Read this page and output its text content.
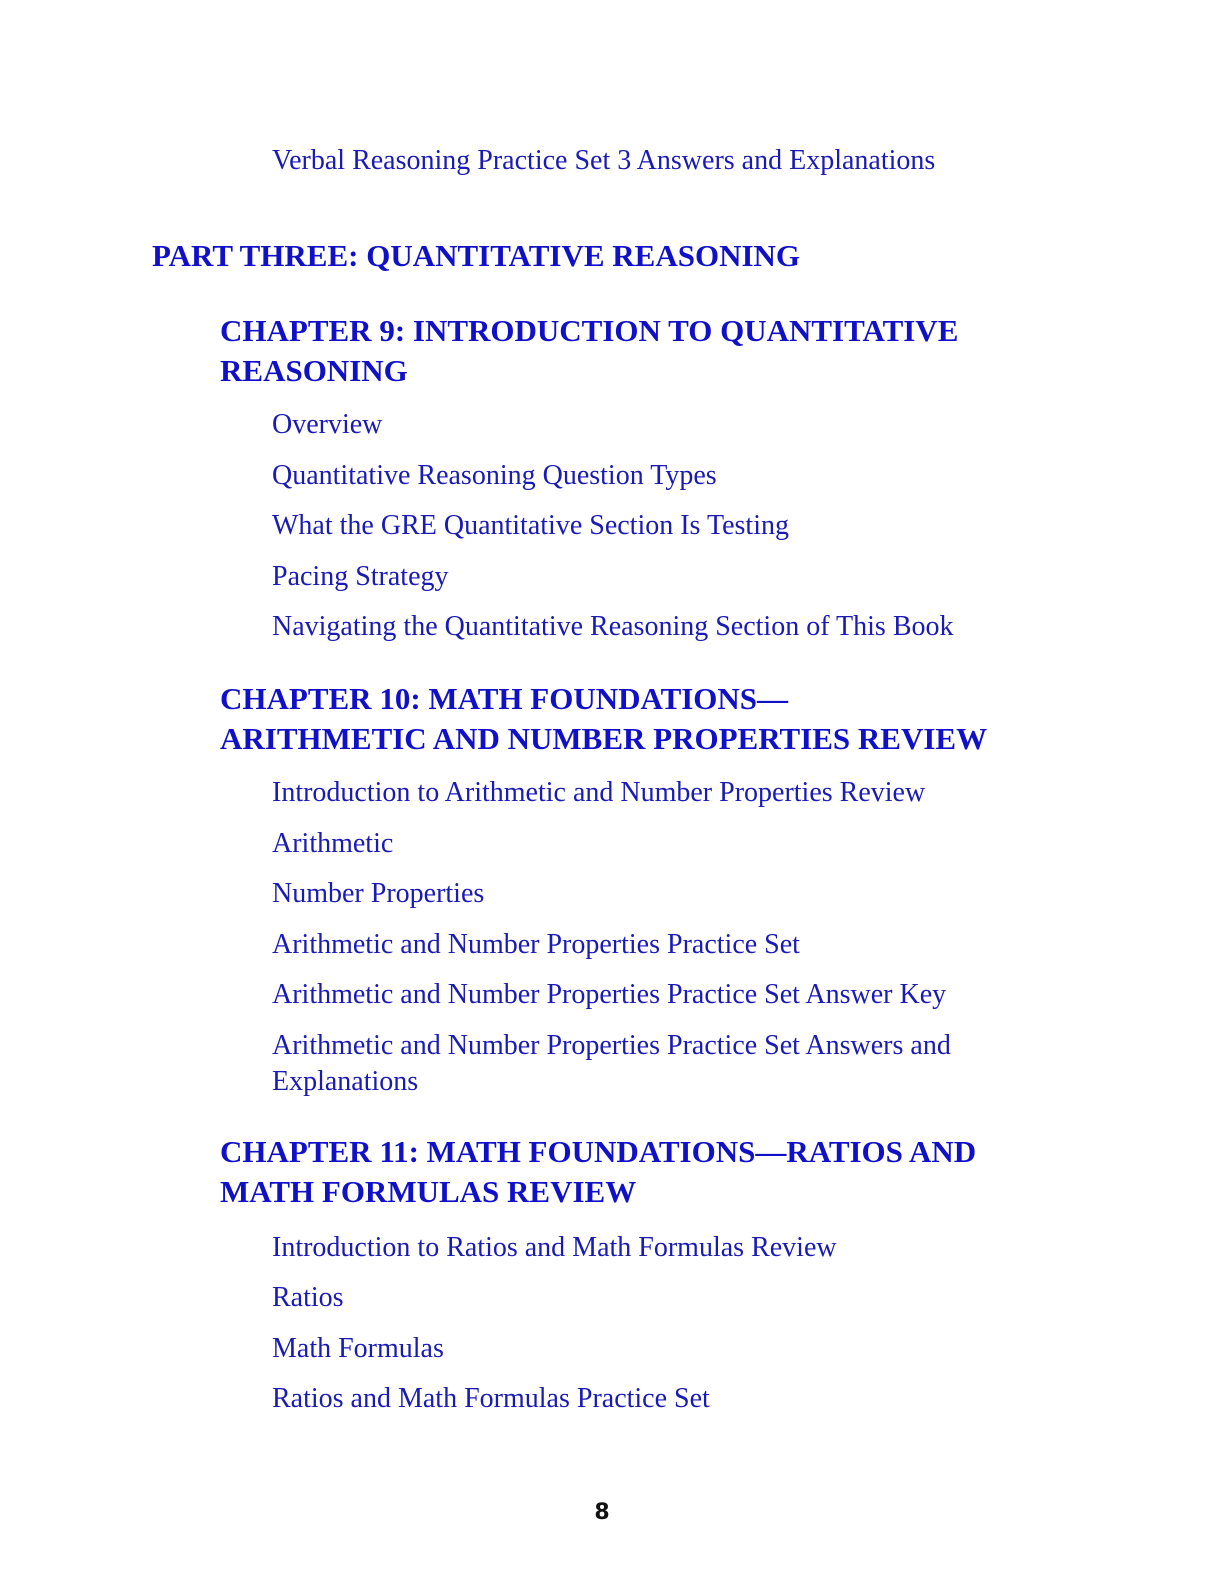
Verbal Reasoning Practice Set 3 Answers and Explanations
PART THREE: QUANTITATIVE REASONING
CHAPTER 9: INTRODUCTION TO QUANTITATIVE
REASONING
Overview
Quantitative Reasoning Question Types
What the GRE Quantitative Section Is Testing
Pacing Strategy
Navigating the Quantitative Reasoning Section of This Book
CHAPTER 10: MATH FOUNDATIONS—
ARITHMETIC AND NUMBER PROPERTIES REVIEW
Introduction to Arithmetic and Number Properties Review
Arithmetic
Number Properties
Arithmetic and Number Properties Practice Set
Arithmetic and Number Properties Practice Set Answer Key
Arithmetic and Number Properties Practice Set Answers and
Explanations
CHAPTER 11: MATH FOUNDATIONS—RATIOS AND
MATH FORMULAS REVIEW
Introduction to Ratios and Math Formulas Review
Ratios
Math Formulas
Ratios and Math Formulas Practice Set
8
